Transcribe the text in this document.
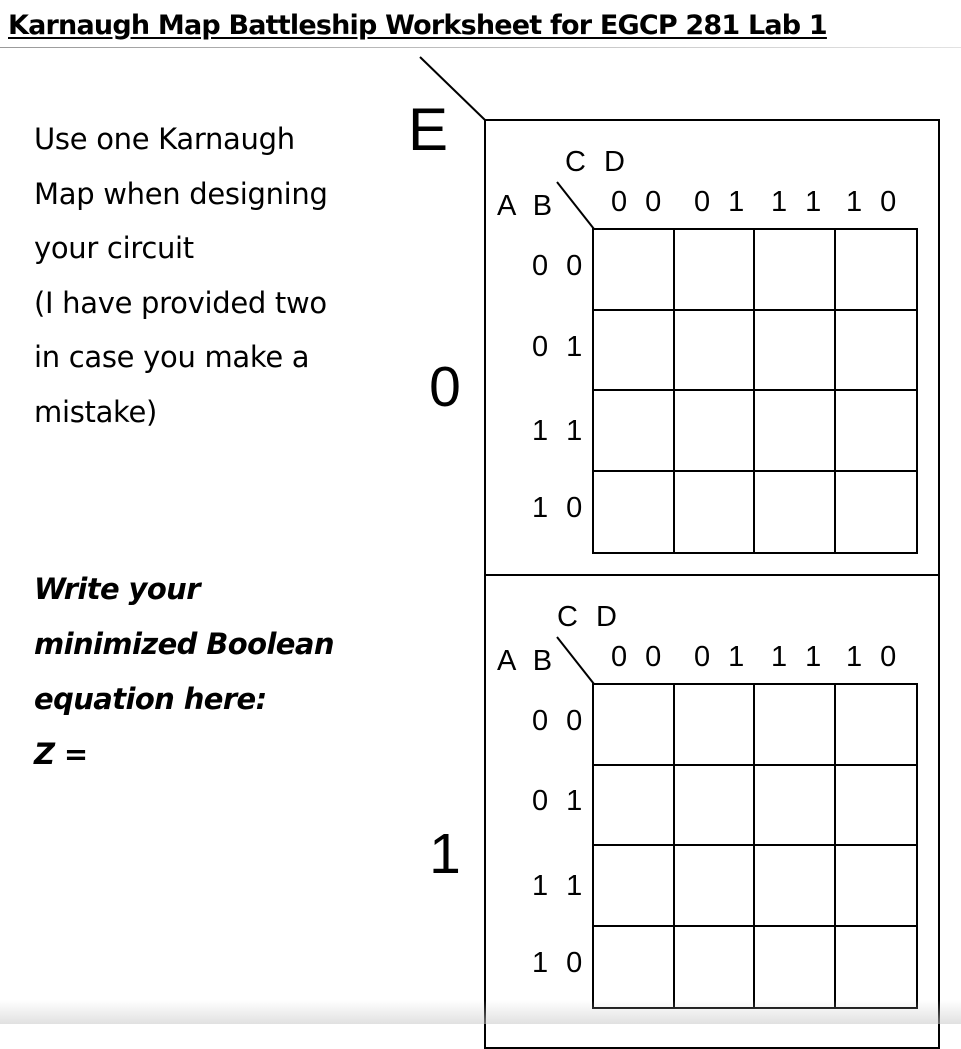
Karnaugh Map Battleship Worksheet for EGCP 281 Lab 1
Use one Karnaugh
Map when designing
your circuit
(I have provided two
in case you make a
mistake)
Write your
minimized Boolean
equation here:
Z =
E
0
1
C D
A B 0 0 0 1 1 1 1 0
0 0
0 1
1 1
1 0
C D
A B 0 0 0 1 1 1 1 0
0 0
0 1
1 1
1 0
